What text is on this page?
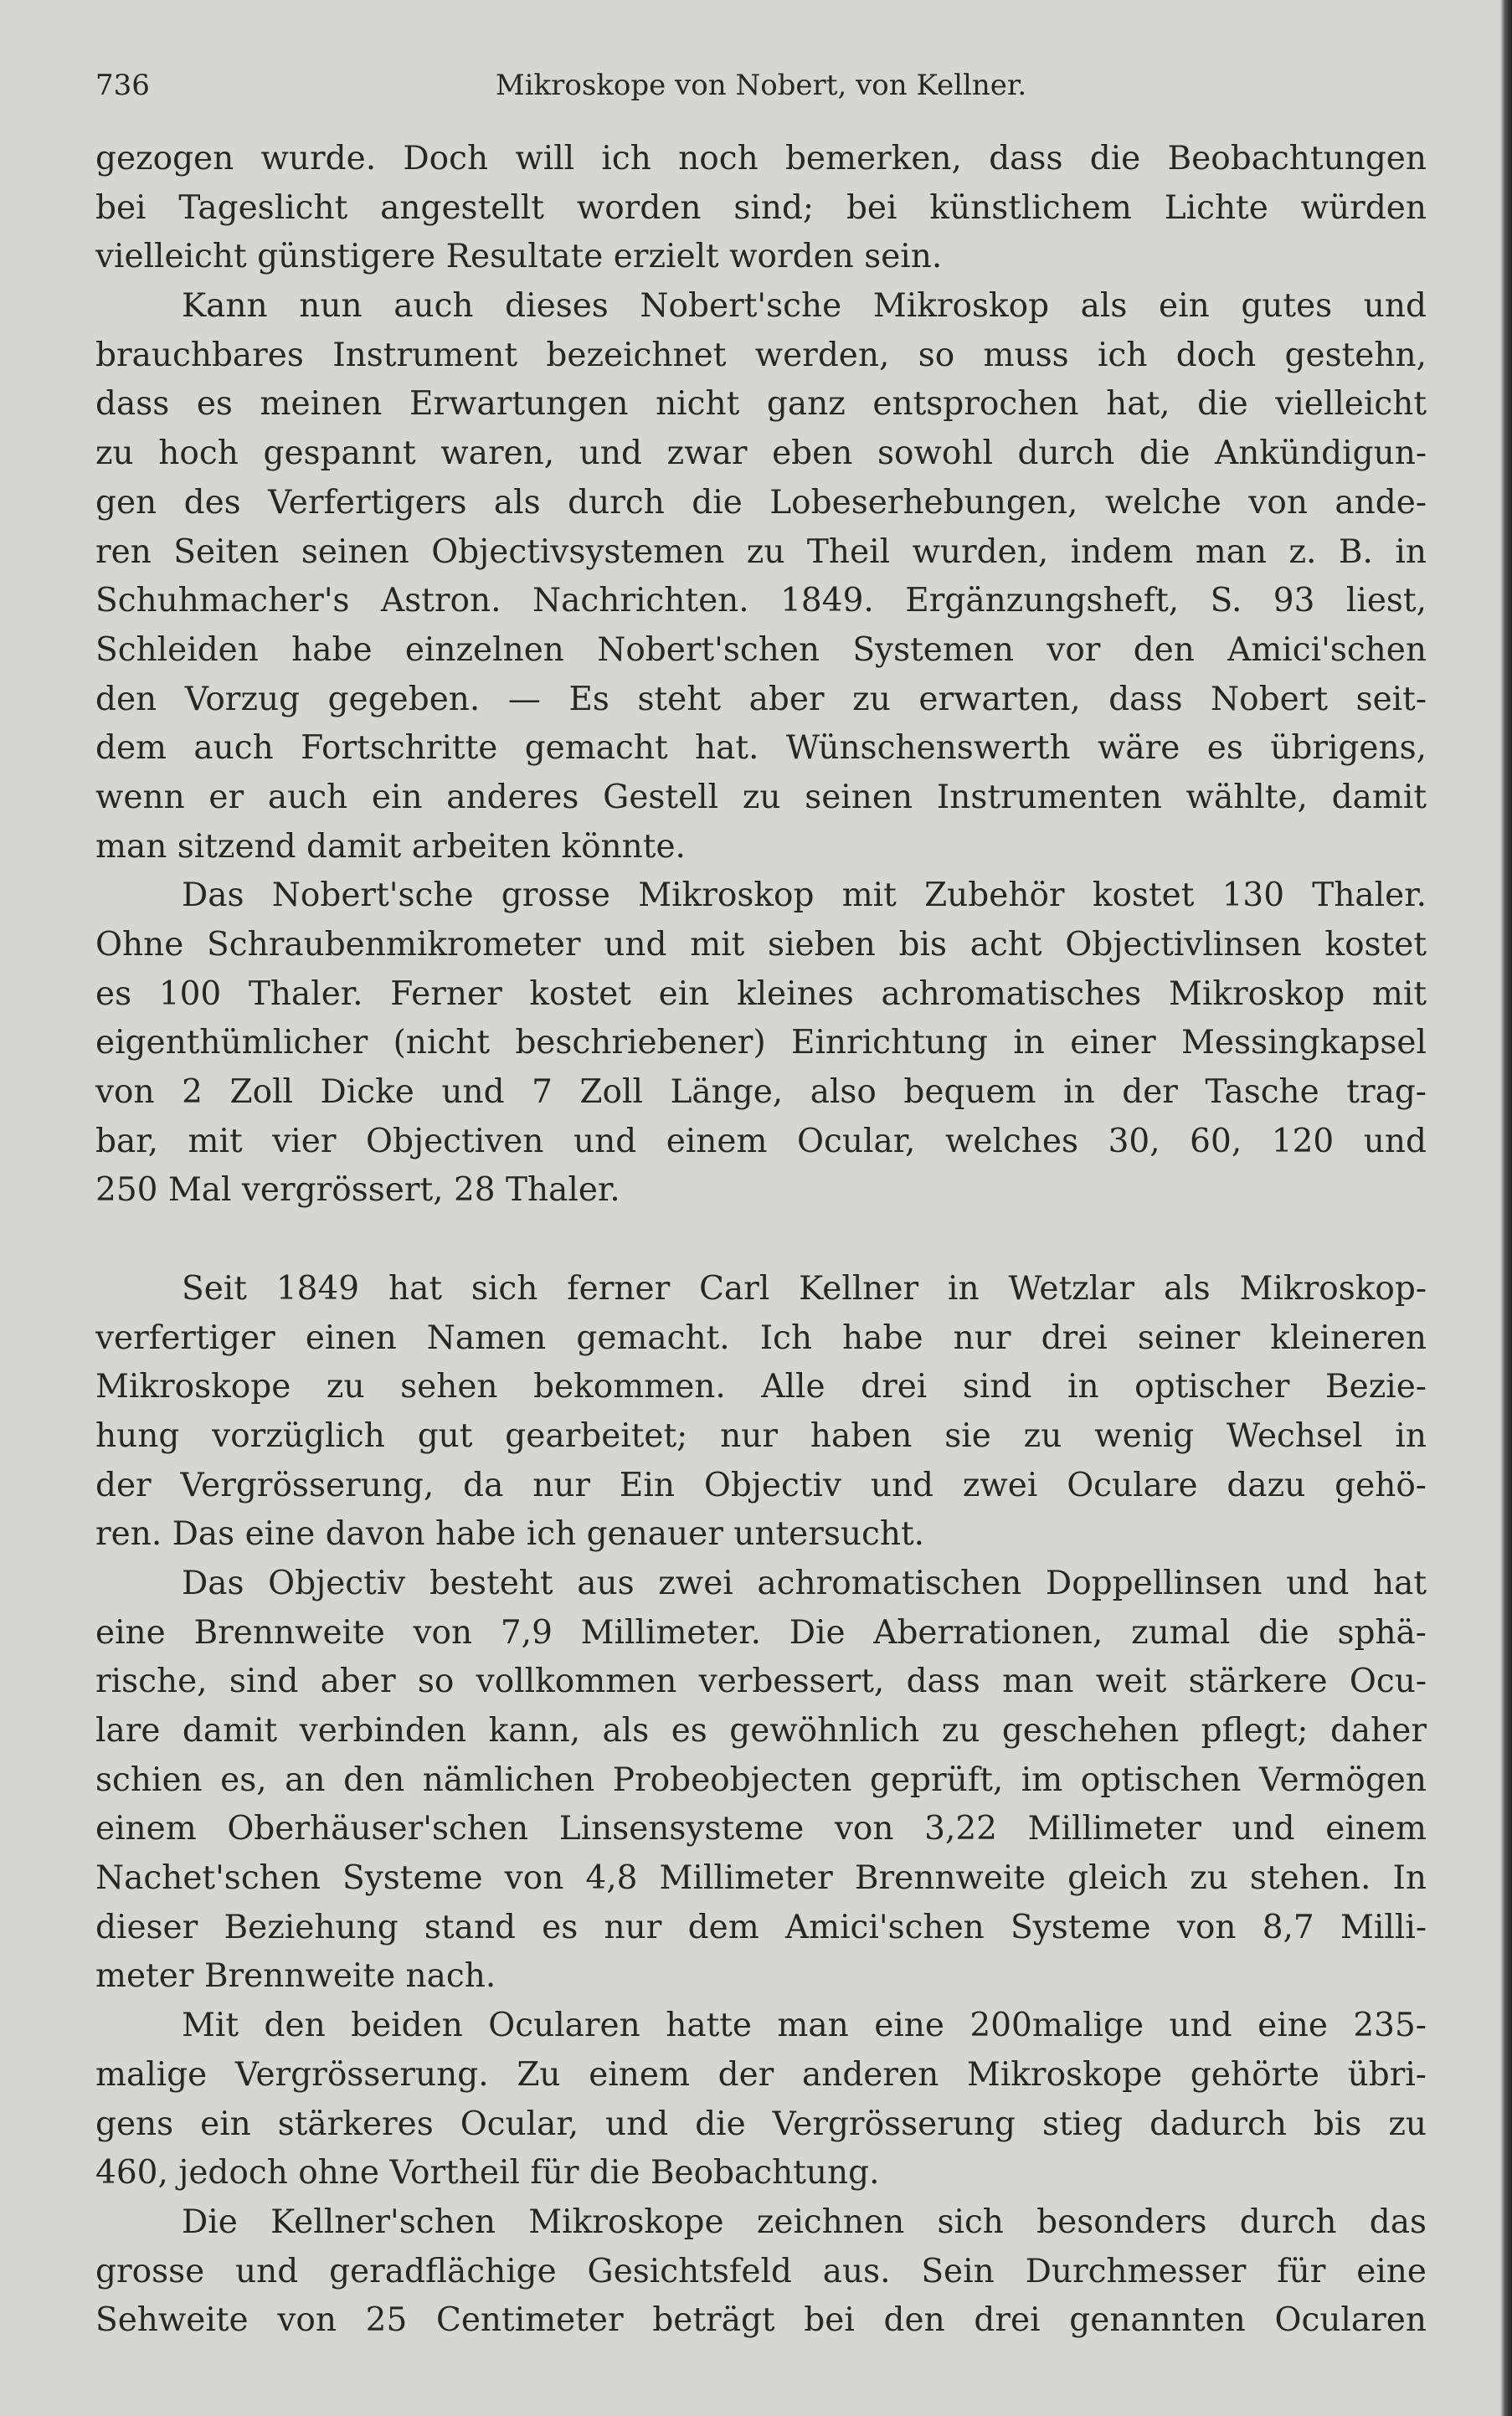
736	Mikroskope von Nobert, von Kellner.
gezogen wurde. Doch will ich noch bemerken, dass die Beobachtungen
bei Tageslicht angestellt worden sind; bei künstlichem Lichte würden
vielleicht günstigere Resultate erzielt worden sein.
Kann nun auch dieses Nobert'sche Mikroskop als ein gutes und
brauchbares Instrument bezeichnet werden, so muss ich doch gestehn,
dass es meinen Erwartungen nicht ganz entsprochen hat, die vielleicht
zu hoch gespannt waren, und zwar eben sowohl durch die Ankündigun-
gen des Verfertigers als durch die Lobeserhebungen, welche von ande-
ren Seiten seinen Objectivsystemen zu Theil wurden, indem man z. B. in
Schuhmacher's Astron. Nachrichten. 1849. Ergänzungsheft, S. 93 liest,
Schleiden habe einzelnen Nobert'schen Systemen vor den Amici'schen
den Vorzug gegeben. — Es steht aber zu erwarten, dass Nobert seit-
dem auch Fortschritte gemacht hat. Wünschenswerth wäre es übrigens,
wenn er auch ein anderes Gestell zu seinen Instrumenten wählte, damit
man sitzend damit arbeiten könnte.
Das Nobert'sche grosse Mikroskop mit Zubehör kostet 130 Thaler.
Ohne Schraubenmikrometer und mit sieben bis acht Objectivlinsen kostet
es 100 Thaler. Ferner kostet ein kleines achromatisches Mikroskop mit
eigenthümlicher (nicht beschriebener) Einrichtung in einer Messingkapsel
von 2 Zoll Dicke und 7 Zoll Länge, also bequem in der Tasche trag-
bar, mit vier Objectiven und einem Ocular, welches 30, 60, 120 und
250 Mal vergrössert, 28 Thaler.
Seit 1849 hat sich ferner Carl Kellner in Wetzlar als Mikroskop-
verfertiger einen Namen gemacht. Ich habe nur drei seiner kleineren
Mikroskope zu sehen bekommen. Alle drei sind in optischer Bezie-
hung vorzüglich gut gearbeitet; nur haben sie zu wenig Wechsel in
der Vergrösserung, da nur Ein Objectiv und zwei Oculare dazu gehö-
ren. Das eine davon habe ich genauer untersucht.
Das Objectiv besteht aus zwei achromatischen Doppellinsen und hat
eine Brennweite von 7,9 Millimeter. Die Aberrationen, zumal die sphä-
rische, sind aber so vollkommen verbessert, dass man weit stärkere Ocu-
lare damit verbinden kann, als es gewöhnlich zu geschehen pflegt; daher
schien es, an den nämlichen Probeobjecten geprüft, im optischen Vermögen
einem Oberhäuser'schen Linsensysteme von 3,22 Millimeter und einem
Nachet'schen Systeme von 4,8 Millimeter Brennweite gleich zu stehen. In
dieser Beziehung stand es nur dem Amici'schen Systeme von 8,7 Milli-
meter Brennweite nach.
Mit den beiden Ocularen hatte man eine 200malige und eine 235-
malige Vergrösserung. Zu einem der anderen Mikroskope gehörte übri-
gens ein stärkeres Ocular, und die Vergrösserung stieg dadurch bis zu
460, jedoch ohne Vortheil für die Beobachtung.
Die Kellner'schen Mikroskope zeichnen sich besonders durch das
grosse und geradflächige Gesichtsfeld aus. Sein Durchmesser für eine
Sehweite von 25 Centimeter beträgt bei den drei genannten Ocularen
